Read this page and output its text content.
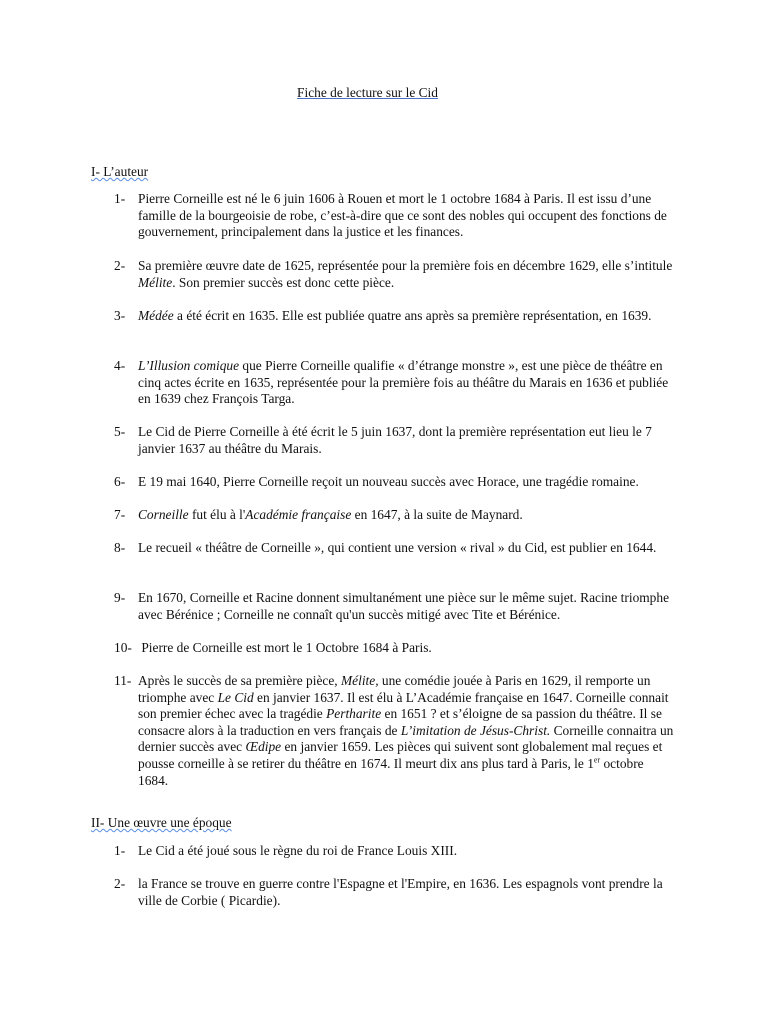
Fiche de lecture sur le Cid
I- L’auteur
1- Pierre Corneille est né le 6 juin 1606 à Rouen et mort le 1 octobre 1684 à Paris. Il est issu d’une famille de la bourgeoisie de robe, c’est-à-dire que ce sont des nobles qui occupent des fonctions de gouvernement, principalement dans la justice et les finances.
2- Sa première œuvre date de 1625, représentée pour la première fois en décembre 1629, elle s’intitule Mélite. Son premier succès est donc cette pièce.
3- Médée a été écrit en 1635. Elle est publiée quatre ans après sa première représentation, en 1639.
4- L’Illusion comique que Pierre Corneille qualifie « d’étrange monstre », est une pièce de théâtre en cinq actes écrite en 1635, représentée pour la première fois au théâtre du Marais en 1636 et publiée en 1639 chez François Targa.
5- Le Cid de Pierre Corneille à été écrit le 5 juin 1637, dont la première représentation eut lieu le 7 janvier 1637 au théâtre du Marais.
6- E 19 mai 1640, Pierre Corneille reçoit un nouveau succès avec Horace, une tragédie romaine.
7- Corneille fut élu à l'Académie française en 1647, à la suite de Maynard.
8- Le recueil « théâtre de Corneille », qui contient une version « rival » du Cid, est publier en 1644.
9- En 1670, Corneille et Racine donnent simultanément une pièce sur le même sujet. Racine triomphe avec Bérénice ; Corneille ne connaît qu'un succès mitigé avec Tite et Bérénice.
10- Pierre de Corneille est mort le 1 Octobre 1684 à Paris.
11- Après le succès de sa première pièce, Mélite, une comédie jouée à Paris en 1629, il remporte un triomphe avec Le Cid en janvier 1637. Il est élu à L’Académie française en 1647. Corneille connait son premier échec avec la tragédie Pertharite en 1651 ? et s’éloigne de sa passion du théâtre. Il se consacre alors à la traduction en vers français de L’imitation de Jésus-Christ. Corneille connaitra un dernier succès avec Œdipe en janvier 1659. Les pièces qui suivent sont globalement mal reçues et pousse corneille à se retirer du théâtre en 1674. Il meurt dix ans plus tard à Paris, le 1er octobre 1684.
II- Une œuvre une époque
1- Le Cid a été joué sous le règne du roi de France Louis XIII.
2- la France se trouve en guerre contre l'Espagne et l'Empire, en 1636. Les espagnols vont prendre la ville de Corbie ( Picardie).
